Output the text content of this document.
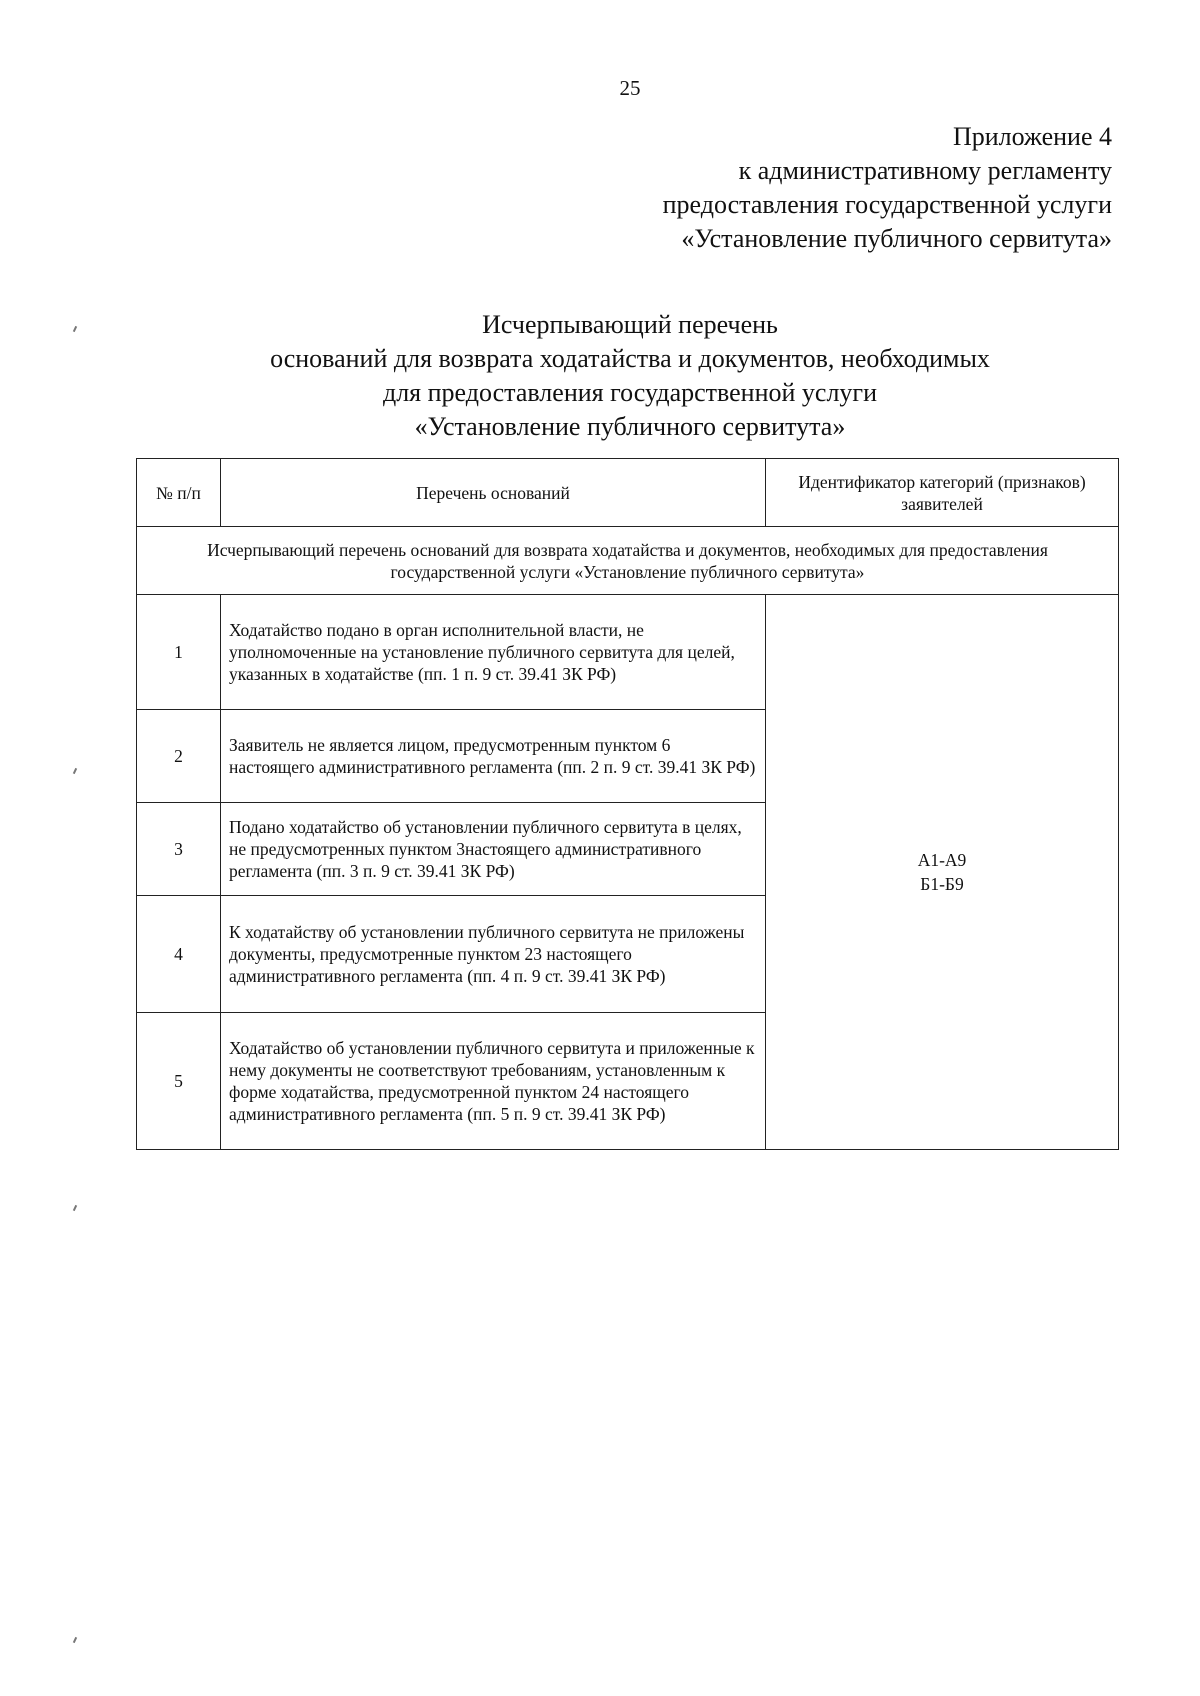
25
Приложение 4
к административному регламенту
предоставления государственной услуги
«Установление публичного сервитута»
Исчерпывающий перечень
оснований для возврата ходатайства и документов, необходимых
для предоставления государственной услуги
«Установление публичного сервитута»
№ п/п	Перечень оснований	Идентификатор категорий (признаков) заявителей
Исчерпывающий перечень оснований для возврата ходатайства и документов, необходимых для предоставления государственной услуги «Установление публичного сервитута»		
1	Ходатайство подано в орган исполнительной власти, не уполномоченные на установление публичного сервитута для целей, указанных в ходатайстве (пп. 1 п. 9 ст. 39.41 ЗК РФ)	А1-А9
Б1-Б9

2	Заявитель не является лицом, предусмотренным пунктом 6 настоящего административного регламента (пп. 2 п. 9 ст. 39.41 ЗК РФ)	
3	Подано ходатайство об установлении публичного сервитута в целях, не предусмотренных пунктом 3настоящего административного регламента (пп. 3 п. 9 ст. 39.41 ЗК РФ)	
4	К ходатайству об установлении публичного сервитута не приложены документы, предусмотренные пунктом 23 настоящего административного регламента (пп. 4 п. 9 ст. 39.41 ЗК РФ)	
5	Ходатайство об установлении публичного сервитута и приложенные к нему документы не соответствуют требованиям, установленным к форме ходатайства, предусмотренной пунктом 24 настоящего административного регламента (пп. 5 п. 9 ст. 39.41 ЗК РФ)	
